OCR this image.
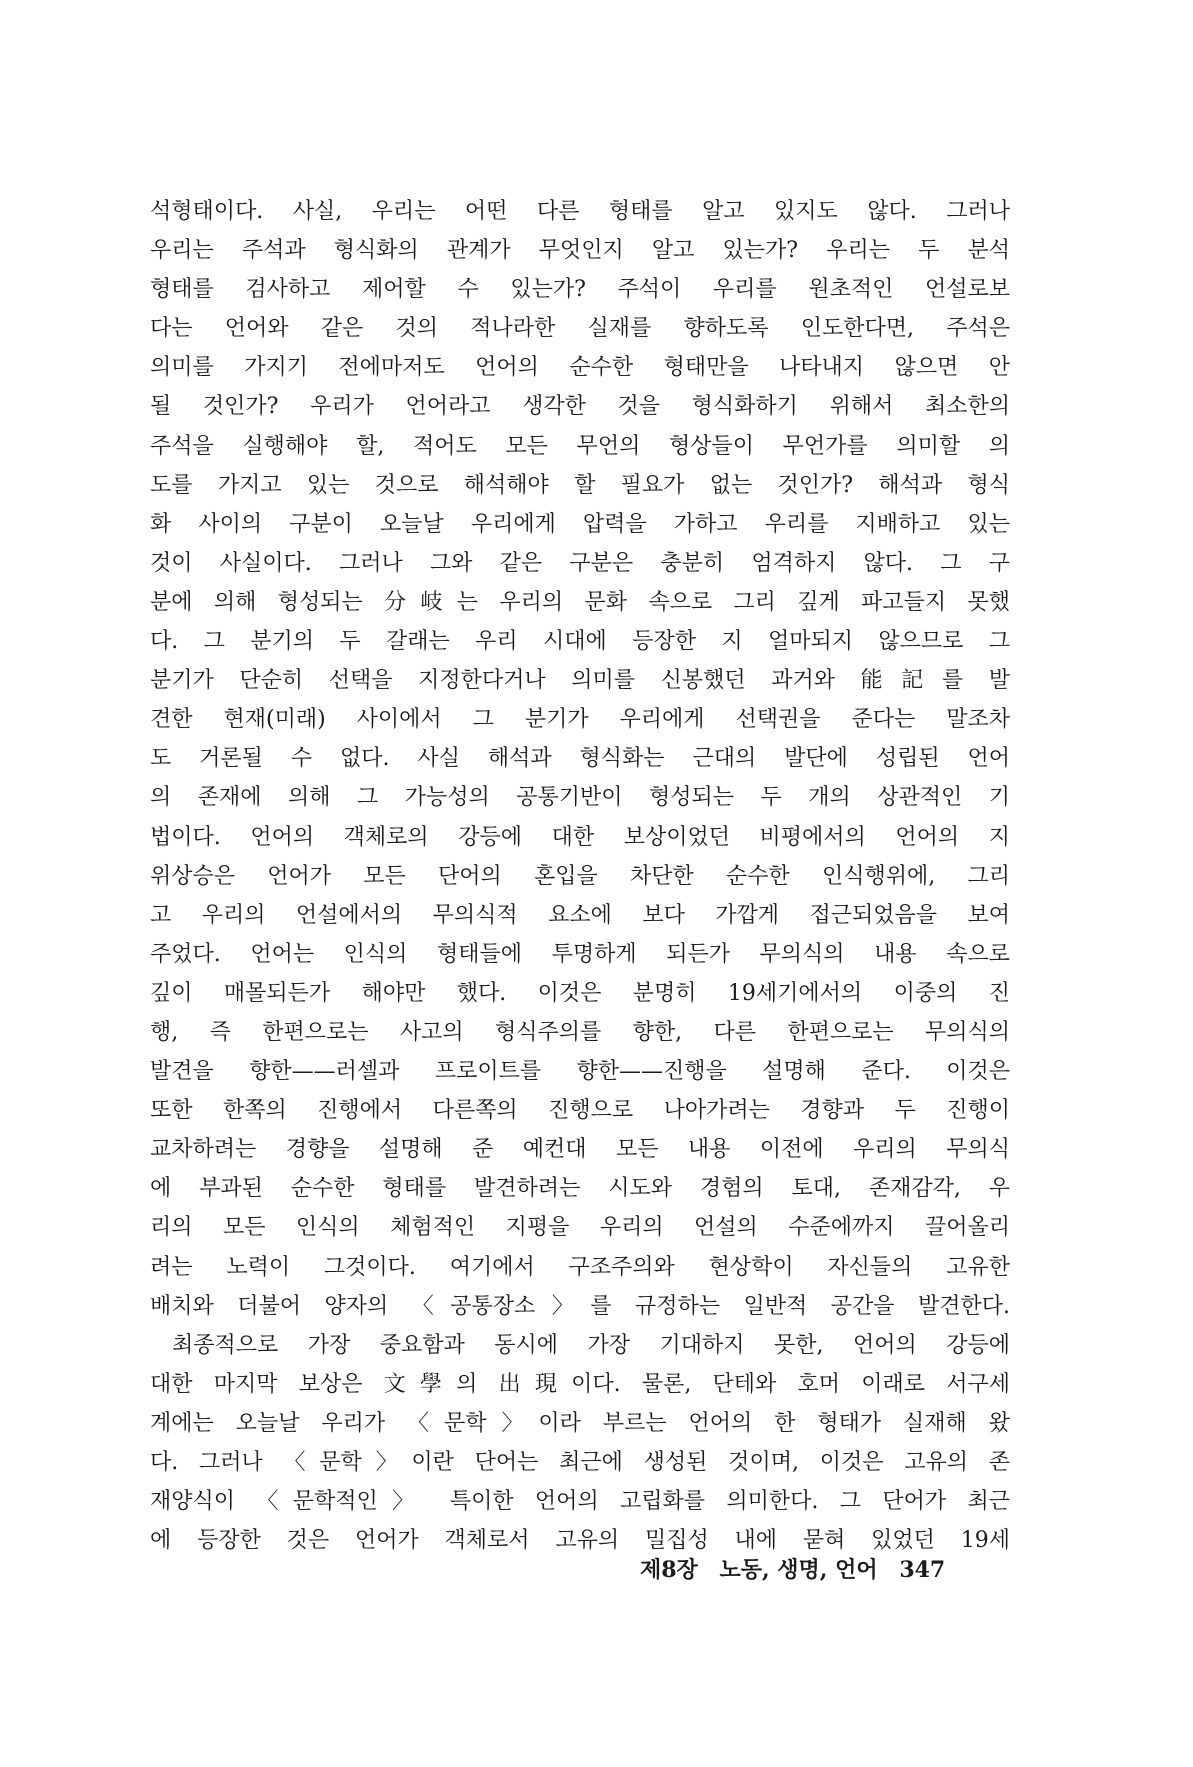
석형태이다. 사실, 우리는 어떤 다른 형태를 알고 있지도 않다. 그러나
우리는 주석과 형식화의 관계가 무엇인지 알고 있는가? 우리는 두 분석
형태를 검사하고 제어할 수 있는가? 주석이 우리를 원초적인 언설로보
다는 언어와 같은 것의 적나라한 실재를 향하도록 인도한다면, 주석은
의미를 가지기 전에마저도 언어의 순수한 형태만을 나타내지 않으면 안
될 것인가? 우리가 언어라고 생각한 것을 형식화하기 위해서 최소한의
주석을 실행해야 할, 적어도 모든 무언의 형상들이 무언가를 의미할 의
도를 가지고 있는 것으로 해석해야 할 필요가 없는 것인가? 해석과 형식
화 사이의 구분이 오늘날 우리에게 압력을 가하고 우리를 지배하고 있는
것이 사실이다. 그러나 그와 같은 구분은 충분히 엄격하지 않다. 그 구
분에 의해 형성되는 分岐는 우리의 문화 속으로 그리 깊게 파고들지 못했
다. 그 분기의 두 갈래는 우리 시대에 등장한 지 얼마되지 않으므로 그
분기가 단순히 선택을 지정한다거나 의미를 신봉했던 과거와 能記를 발
견한 현재(미래) 사이에서 그 분기가 우리에게 선택권을 준다는 말조차
도 거론될 수 없다. 사실 해석과 형식화는 근대의 발단에 성립된 언어
의 존재에 의해 그 가능성의 공통기반이 형성되는 두 개의 상관적인 기
법이다. 언어의 객체로의 강등에 대한 보상이었던 비평에서의 언어의 지
위상승은 언어가 모든 단어의 혼입을 차단한 순수한 인식행위에, 그리
고 우리의 언설에서의 무의식적 요소에 보다 가깝게 접근되었음을 보여
주었다. 언어는 인식의 형태들에 투명하게 되든가 무의식의 내용 속으로
깊이 매몰되든가 해야만 했다. 이것은 분명히 19세기에서의 이중의 진
행, 즉 한편으로는 사고의 형식주의를 향한, 다른 한편으로는 무의식의
발견을 향한——러셀과 프로이트를 향한——진행을 설명해 준다. 이것은
또한 한쪽의 진행에서 다른쪽의 진행으로 나아가려는 경향과 두 진행이
교차하려는 경향을 설명해 준 예컨대 모든 내용 이전에 우리의 무의식
에 부과된 순수한 형태를 발견하려는 시도와 경험의 토대, 존재감각, 우
리의 모든 인식의 체험적인 지평을 우리의 언설의 수준에까지 끌어올리
려는 노력이 그것이다. 여기에서 구조주의와 현상학이 자신들의 고유한
배치와 더불어 양자의 〈공통장소〉를 규정하는 일반적 공간을 발견한다.
최종적으로 가장 중요함과 동시에 가장 기대하지 못한, 언어의 강등에
대한 마지막 보상은 文學의 出現이다. 물론, 단테와 호머 이래로 서구세
계에는 오늘날 우리가 〈문학〉이라 부르는 언어의 한 형태가 실재해 왔
다. 그러나 〈문학〉이란 단어는 최근에 생성된 것이며, 이것은 고유의 존
재양식이 〈문학적인〉 특이한 언어의 고립화를 의미한다. 그 단어가 최근
에 등장한 것은 언어가 객체로서 고유의 밀집성 내에 묻혀 있었던 19세
제8장 노동, 생명, 언어 347
